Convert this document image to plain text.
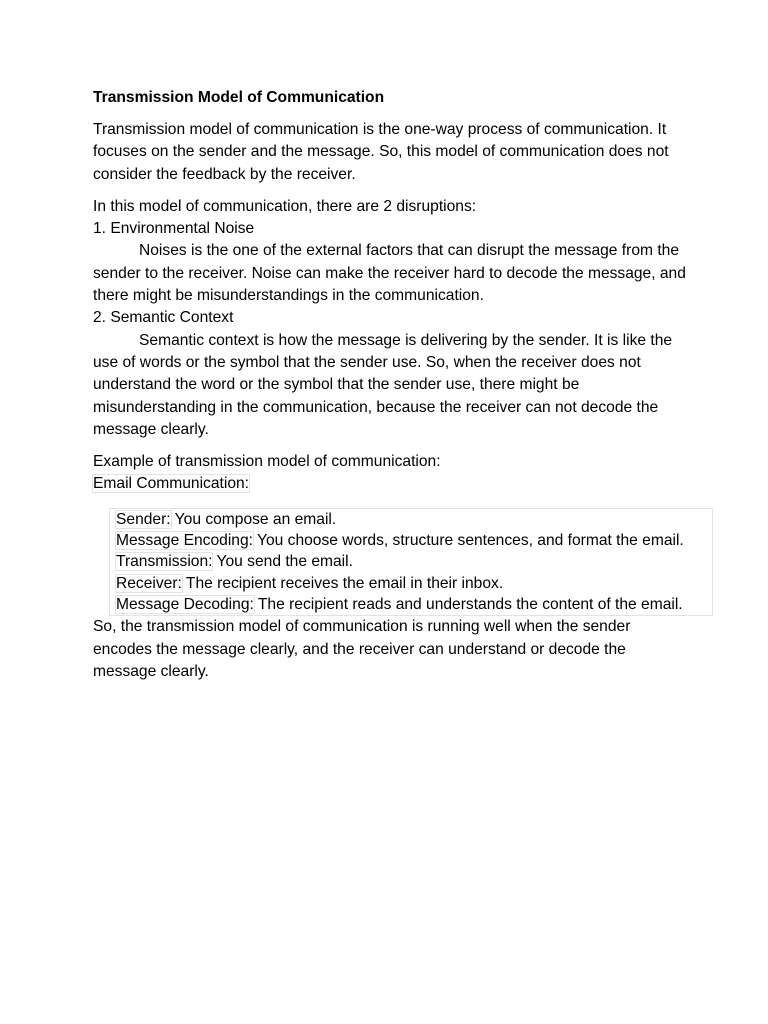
Transmission Model of Communication

Transmission model of communication is the one-way process of communication. It focuses on the sender and the message. So, this model of communication does not consider the feedback by the receiver.

In this model of communication, there are 2 disruptions:

1. Environmental Noise

Noises is the one of the external factors that can disrupt the message from the sender to the receiver. Noise can make the receiver hard to decode the message, and there might be misunderstandings in the communication.

2. Semantic Context

Semantic context is how the message is delivering by the sender. It is like the use of words or the symbol that the sender use. So, when the receiver does not understand the word or the symbol that the sender use, there might be misunderstanding in the communication, because the receiver can not decode the message clearly.

Example of transmission model of communication:

Email Communication:

Sender: You compose an email.

Message Encoding: You choose words, structure sentences, and format the email.

Transmission: You send the email.

Receiver: The recipient receives the email in their inbox.

Message Decoding: The recipient reads and understands the content of the email.

So, the transmission model of communication is running well when the sender encodes the message clearly, and the receiver can understand or decode the message clearly.
